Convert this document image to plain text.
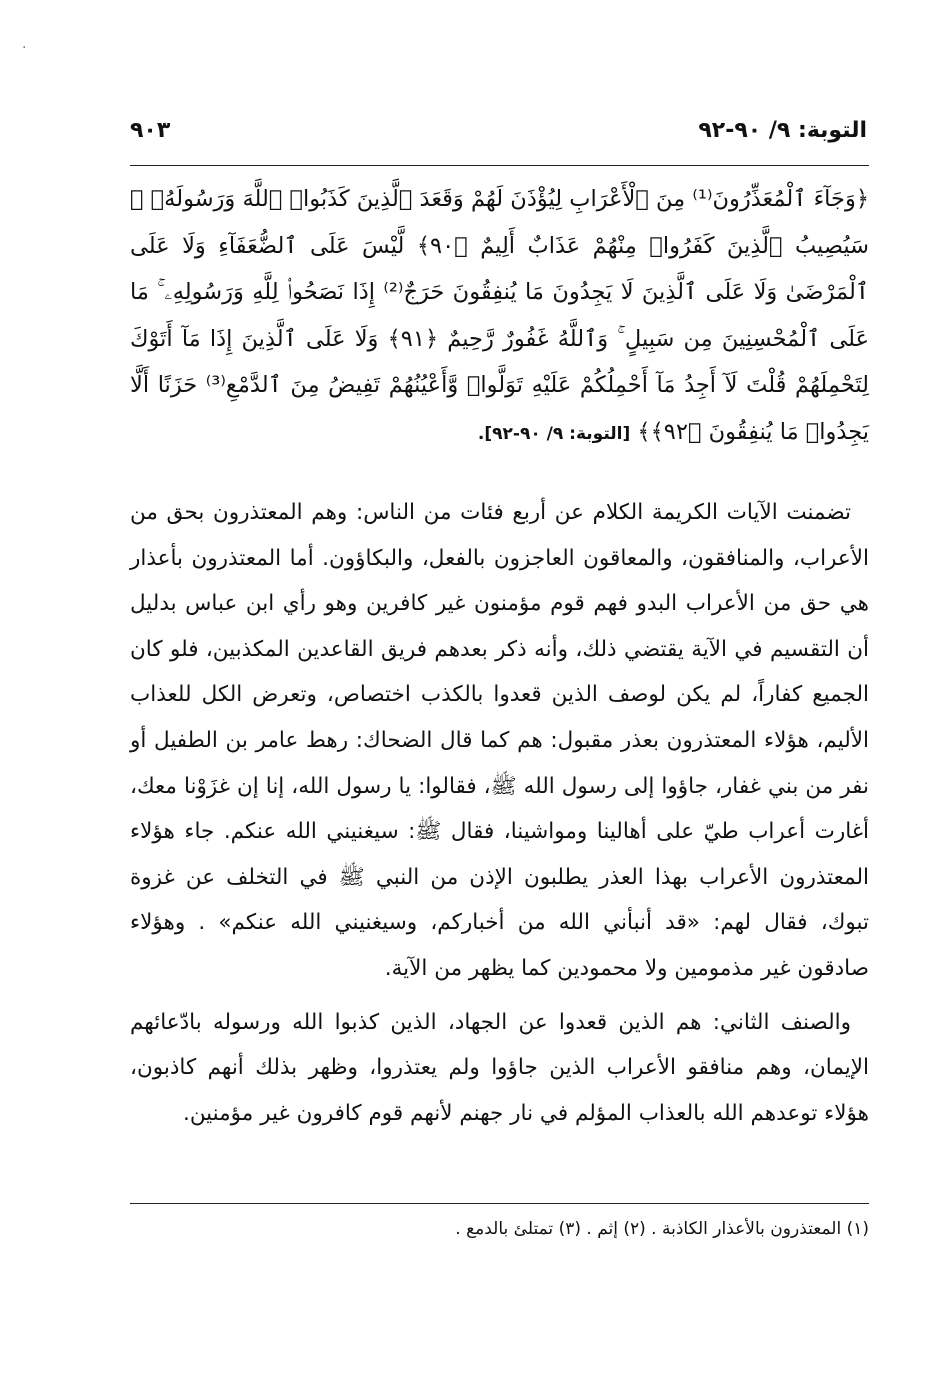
·
التوبة: ٩/ ٩٠-٩٢
٩٠٣
﴿وَجَآءَ ٱلْمُعَذِّرُونَ⁽¹⁾ مِنَ ٱلْأَعْرَابِ لِيُؤْذَنَ لَهُمْ وَقَعَدَ ٱلَّذِينَ كَذَبُوا۟ ٱللَّهَ وَرَسُولَهُۥ ۚ سَيُصِيبُ ٱلَّذِينَ كَفَرُوا۟ مِنْهُمْ عَذَابٌ أَلِيمٌ ﴿٩٠﴾ لَّيْسَ عَلَى ٱلضُّعَفَآءِ وَلَا عَلَى ٱلْمَرْضَىٰ وَلَا عَلَى ٱلَّذِينَ لَا يَجِدُونَ مَا يُنفِقُونَ حَرَجٌ⁽²⁾ إِذَا نَصَحُوا۟ لِلَّهِ وَرَسُولِهِۦ ۚ مَا عَلَى ٱلْمُحْسِنِينَ مِن سَبِيلٍ ۚ وَٱللَّهُ غَفُورٌ رَّحِيمٌ ﴿٩١﴾ وَلَا عَلَى ٱلَّذِينَ إِذَا مَآ أَتَوْكَ لِتَحْمِلَهُمْ قُلْتَ لَآ أَجِدُ مَآ أَحْمِلُكُمْ عَلَيْهِ تَوَلَّوا۟ وَّأَعْيُنُهُمْ تَفِيضُ مِنَ ٱلدَّمْعِ⁽³⁾ حَزَنًا أَلَّا يَجِدُوا۟ مَا يُنفِقُونَ ﴿٩٢﴾﴾ [التوبة: ٩/ ٩٠-٩٢].

تضمنت الآيات الكريمة الكلام عن أربع فئات من الناس: وهم المعتذرون بحق من الأعراب، والمنافقون، والمعاقون العاجزون بالفعل، والبكاؤون. أما المعتذرون بأعذار هي حق من الأعراب البدو فهم قوم مؤمنون غير كافرين وهو رأي ابن عباس بدليل أن التقسيم في الآية يقتضي ذلك، وأنه ذكر بعدهم فريق القاعدين المكذبين، فلو كان الجميع كفاراً، لم يكن لوصف الذين قعدوا بالكذب اختصاص، وتعرض الكل للعذاب الأليم، هؤلاء المعتذرون بعذر مقبول: هم كما قال الضحاك: رهط عامر بن الطفيل أو نفر من بني غفار، جاؤوا إلى رسول الله ﷺ، فقالوا: يا رسول الله، إنا إن غزَوْنا معك، أغارت أعراب طيّ على أهالينا ومواشينا، فقال ﷺ: سيغنيني الله عنكم. جاء هؤلاء المعتذرون الأعراب بهذا العذر يطلبون الإذن من النبي ﷺ في التخلف عن غزوة تبوك، فقال لهم: «قد أنبأني الله من أخباركم، وسيغنيني الله عنكم» . وهؤلاء صادقون غير مذمومين ولا محمودين كما يظهر من الآية.

والصنف الثاني: هم الذين قعدوا عن الجهاد، الذين كذبوا الله ورسوله بادّعائهم الإيمان، وهم منافقو الأعراب الذين جاؤوا ولم يعتذروا، وظهر بذلك أنهم كاذبون، هؤلاء توعدهم الله بالعذاب المؤلم في نار جهنم لأنهم قوم كافرون غير مؤمنين.

(١) المعتذرون بالأعذار الكاذبة . (٢) إثم . (٣) تمتلئ بالدمع .
